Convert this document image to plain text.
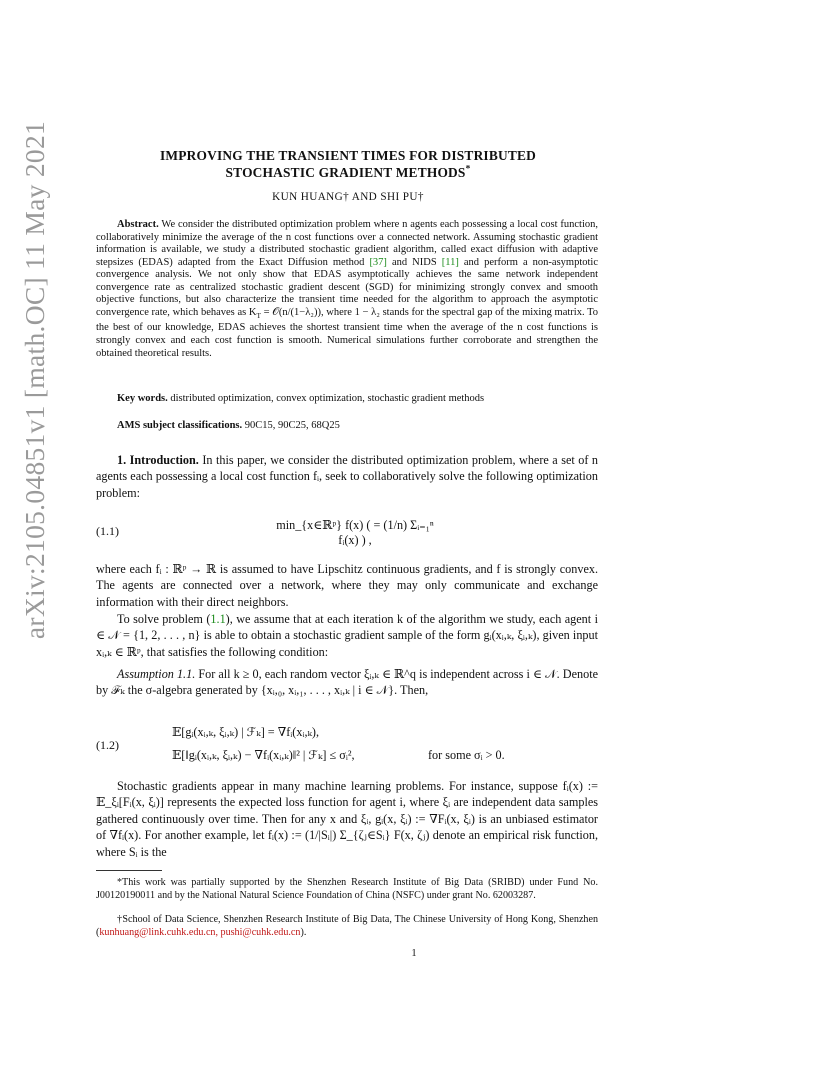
arXiv:2105.04851v1 [math.OC] 11 May 2021	IMPROVING THE TRANSIENT TIMES FOR DISTRIBUTED
STOCHASTIC GRADIENT METHODS*
KUN HUANG† AND SHI PU†
Abstract. We consider the distributed optimization problem where n agents each possessing a local cost function, collaboratively minimize the average of the n cost functions over a connected network. Assuming stochastic gradient information is available, we study a distributed stochastic gradient algorithm, called exact diffusion with adaptive stepsizes (EDAS) adapted from the Exact Diffusion method [37] and NIDS [11] and perform a non-asymptotic convergence analysis. We not only show that EDAS asymptotically achieves the same network independent convergence rate as centralized stochastic gradient descent (SGD) for minimizing strongly convex and smooth objective functions, but also characterize the transient time needed for the algorithm to approach the asymptotic convergence rate, which behaves as $K_T$ = 𝒪(n/(1−λ₂)), where 1 − λ₂ stands for the spectral gap of the mixing matrix. To the best of our knowledge, EDAS achieves the shortest transient time when the average of the n cost functions is strongly convex and each cost function is smooth. Numerical simulations further corroborate and strengthen the obtained theoretical results.
Key words. distributed optimization, convex optimization, stochastic gradient methods
AMS subject classifications. 90C15, 90C25, 68Q25
1. Introduction. In this paper, we consider the distributed optimization problem, where a set of n agents each possessing a local cost function fᵢ, seek to collaboratively solve the following optimization problem:
(1.1)	min_{x∈ℝᵖ} f(x) ( = (1/n) Σᵢ₌₁ⁿ fᵢ(x) ) ,
where each fᵢ : ℝᵖ → ℝ is assumed to have Lipschitz continuous gradients, and f is strongly convex. The agents are connected over a network, where they may only communicate and exchange information with their direct neighbors.
To solve problem (1.1), we assume that at each iteration k of the algorithm we study, each agent i ∈ 𝒩 = {1, 2, . . . , n} is able to obtain a stochastic gradient sample of the form gᵢ(xᵢ,ₖ, ξᵢ,ₖ), given input xᵢ,ₖ ∈ ℝᵖ, that satisfies the following condition:
Assumption 1.1. For all k ≥ 0, each random vector ξᵢ,ₖ ∈ ℝ^q is independent across i ∈ 𝒩. Denote by ℱₖ the σ-algebra generated by {xᵢ,₀, xᵢ,₁, . . . , xᵢ,ₖ | i ∈ 𝒩}. Then,
(1.2)
𝔼[gᵢ(xᵢ,ₖ, ξᵢ,ₖ) | ℱₖ] = ∇fᵢ(xᵢ,ₖ),
𝔼[‖gᵢ(xᵢ,ₖ, ξᵢ,ₖ) − ∇fᵢ(xᵢ,ₖ)‖² | ℱₖ] ≤ σᵢ²,	for some σᵢ > 0.
Stochastic gradients appear in many machine learning problems. For instance, suppose fᵢ(x) := 𝔼_ξᵢ[Fᵢ(x, ξᵢ)] represents the expected loss function for agent i, where ξᵢ are independent data samples gathered continuously over time. Then for any x and ξᵢ, gᵢ(x, ξᵢ) := ∇Fᵢ(x, ξᵢ) is an unbiased estimator of ∇fᵢ(x). For another example, let fᵢ(x) := (1/|Sᵢ|) Σ_{ζⱼ∈Sᵢ} F(x, ζⱼ) denote an empirical risk function, where Sᵢ is the
*This work was partially supported by the Shenzhen Research Institute of Big Data (SRIBD) under Fund No. J00120190011 and by the National Natural Science Foundation of China (NSFC) under grant No. 62003287.
†School of Data Science, Shenzhen Research Institute of Big Data, The Chinese University of Hong Kong, Shenzhen (kunhuang@link.cuhk.edu.cn, pushi@cuhk.edu.cn).
1
